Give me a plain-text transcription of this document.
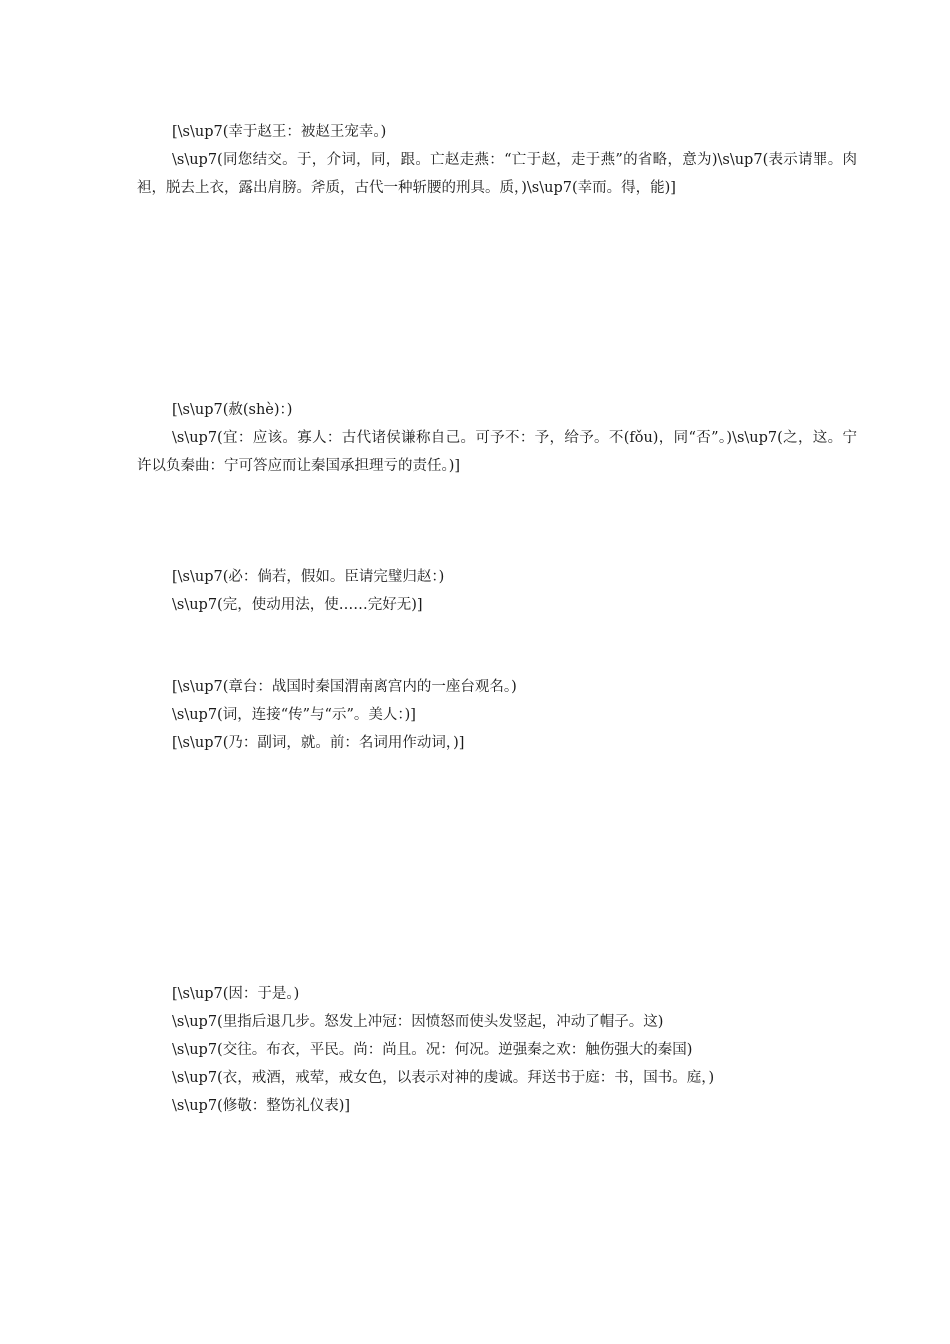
[\s\up7(幸于赵王：被赵王宠幸。)
\s\up7(同您结交。于，介词，同，跟。亡赵走燕：“亡于赵，走于燕”的省略，意为)\s\up7(表示请罪。肉袒，脱去上衣，露出肩膀。斧质，古代一种斩腰的刑具。质，)\s\up7(幸而。得，能)]
[\s\up7(赦(shè)：)
\s\up7(宜：应该。寡人：古代诸侯谦称自己。可予不：予，给予。不(fǒu)，同“否”。)\s\up7(之，这。宁许以负秦曲：宁可答应而让秦国承担理亏的责任。)]
[\s\up7(必：倘若，假如。臣请完璧归赵：)
\s\up7(完，使动用法，使……完好无)]
[\s\up7(章台：战国时秦国渭南离宫内的一座台观名。)
\s\up7(词，连接“传”与“示”。美人：)]
[\s\up7(乃：副词，就。前：名词用作动词，)]
[\s\up7(因：于是。)
\s\up7(里指后退几步。怒发上冲冠：因愤怒而使头发竖起，冲动了帽子。这)
\s\up7(交往。布衣，平民。尚：尚且。况：何况。逆强秦之欢：触伤强大的秦国)
\s\up7(衣，戒酒，戒荤，戒女色，以表示对神的虔诚。拜送书于庭：书，国书。庭，)
\s\up7(修敬：整饬礼仪表)]
